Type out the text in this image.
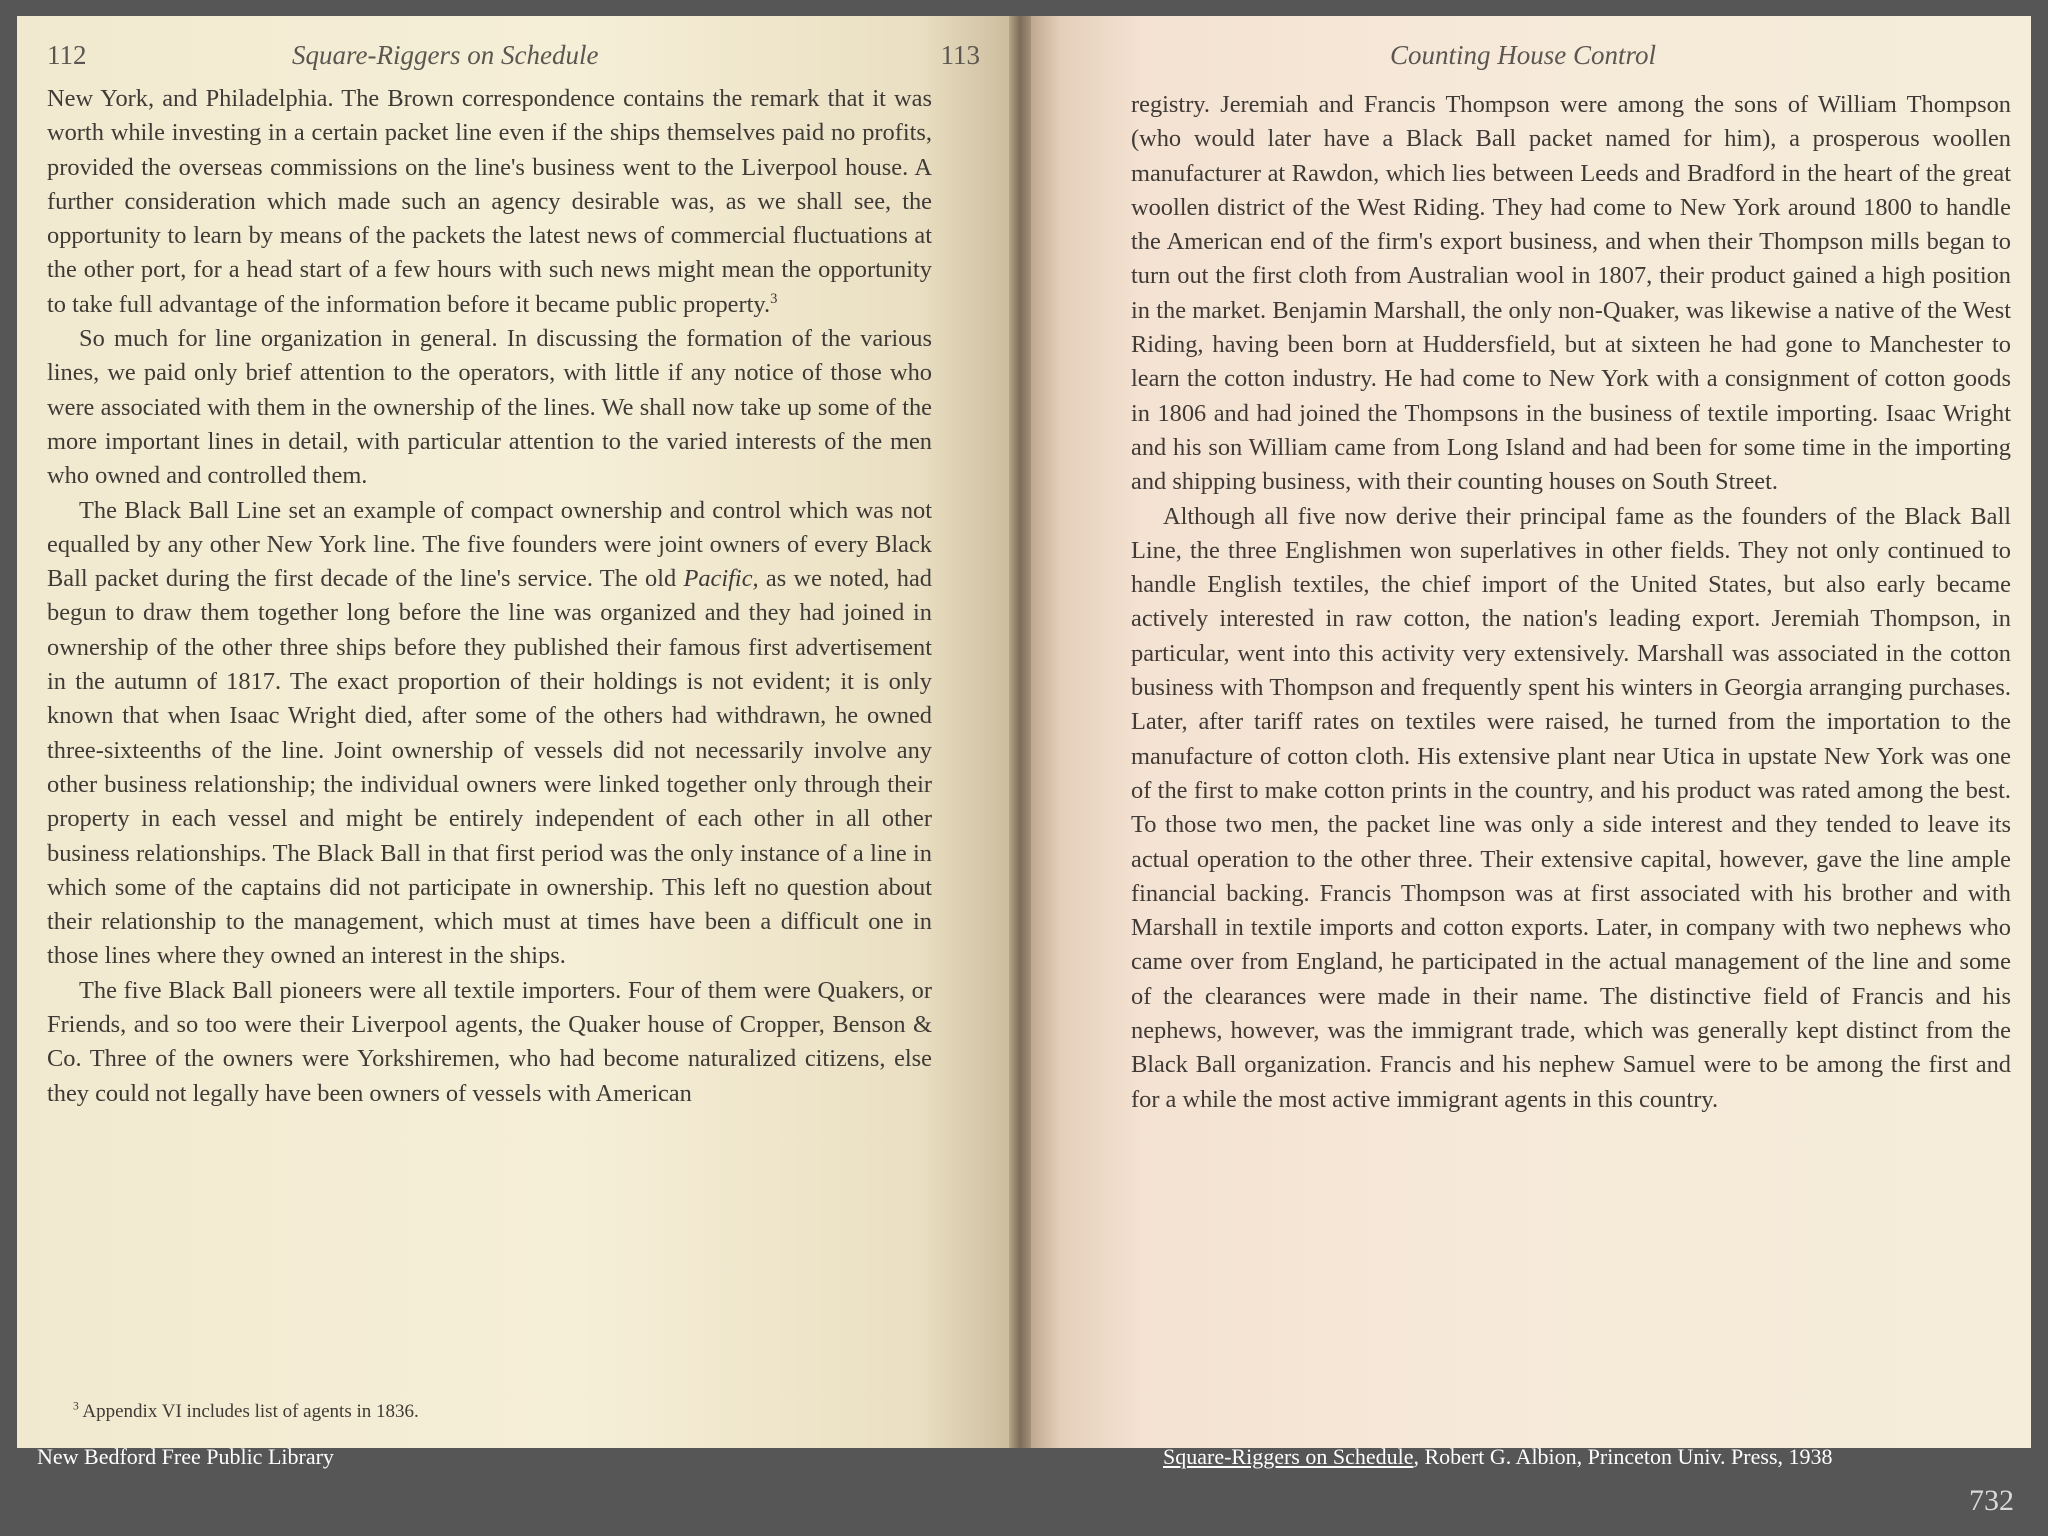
112	Square-Riggers on Schedule

New York, and Philadelphia. The Brown correspondence contains the remark that it was worth while investing in a certain packet line even if the ships themselves paid no profits, provided the overseas commissions on the line's business went to the Liverpool house. A further consideration which made such an agency desirable was, as we shall see, the opportunity to learn by means of the packets the latest news of commercial fluctuations at the other port, for a head start of a few hours with such news might mean the opportunity to take full advantage of the information before it became public property.$^3$

So much for line organization in general. In discussing the formation of the various lines, we paid only brief attention to the operators, with little if any notice of those who were associated with them in the ownership of the lines. We shall now take up some of the more important lines in detail, with particular attention to the varied interests of the men who owned and controlled them.

The Black Ball Line set an example of compact ownership and control which was not equalled by any other New York line. The five founders were joint owners of every Black Ball packet during the first decade of the line's service. The old Pacific, as we noted, had begun to draw them together long before the line was organized and they had joined in ownership of the other three ships before they published their famous first advertisement in the autumn of 1817. The exact proportion of their holdings is not evident; it is only known that when Isaac Wright died, after some of the others had withdrawn, he owned three-sixteenths of the line. Joint ownership of vessels did not necessarily involve any other business relationship; the individual owners were linked together only through their property in each vessel and might be entirely independent of each other in all other business relationships. The Black Ball in that first period was the only instance of a line in which some of the captains did not participate in ownership. This left no question about their relationship to the management, which must at times have been a difficult one in those lines where they owned an interest in the ships.

The five Black Ball pioneers were all textile importers. Four of them were Quakers, or Friends, and so too were their Liverpool agents, the Quaker house of Cropper, Benson & Co. Three of the owners were Yorkshiremen, who had become naturalized citizens, else they could not legally have been owners of vessels with American

$^3$ Appendix VI includes list of agents in 1836.
Counting House Control
113

registry. Jeremiah and Francis Thompson were among the sons of William Thompson (who would later have a Black Ball packet named for him), a prosperous woollen manufacturer at Rawdon, which lies between Leeds and Bradford in the heart of the great woollen district of the West Riding. They had come to New York around 1800 to handle the American end of the firm's export business, and when their Thompson mills began to turn out the first cloth from Australian wool in 1807, their product gained a high position in the market. Benjamin Marshall, the only non-Quaker, was likewise a native of the West Riding, having been born at Huddersfield, but at sixteen he had gone to Manchester to learn the cotton industry. He had come to New York with a consignment of cotton goods in 1806 and had joined the Thompsons in the business of textile importing. Isaac Wright and his son William came from Long Island and had been for some time in the importing and shipping business, with their counting houses on South Street.

Although all five now derive their principal fame as the founders of the Black Ball Line, the three Englishmen won superlatives in other fields. They not only continued to handle English textiles, the chief import of the United States, but also early became actively interested in raw cotton, the nation's leading export. Jeremiah Thompson, in particular, went into this activity very extensively. Marshall was associated in the cotton business with Thompson and frequently spent his winters in Georgia arranging purchases. Later, after tariff rates on textiles were raised, he turned from the importation to the manufacture of cotton cloth. His extensive plant near Utica in upstate New York was one of the first to make cotton prints in the country, and his product was rated among the best. To those two men, the packet line was only a side interest and they tended to leave its actual operation to the other three. Their extensive capital, however, gave the line ample financial backing. Francis Thompson was at first associated with his brother and with Marshall in textile imports and cotton exports. Later, in company with two nephews who came over from England, he participated in the actual management of the line and some of the clearances were made in their name. The distinctive field of Francis and his nephews, however, was the immigrant trade, which was generally kept distinct from the Black Ball organization. Francis and his nephew Samuel were to be among the first and for a while the most active immigrant agents in this country.

New Bedford Free Public Library	Square-Riggers on Schedule, Robert G. Albion, Princeton Univ. Press, 1938
732
